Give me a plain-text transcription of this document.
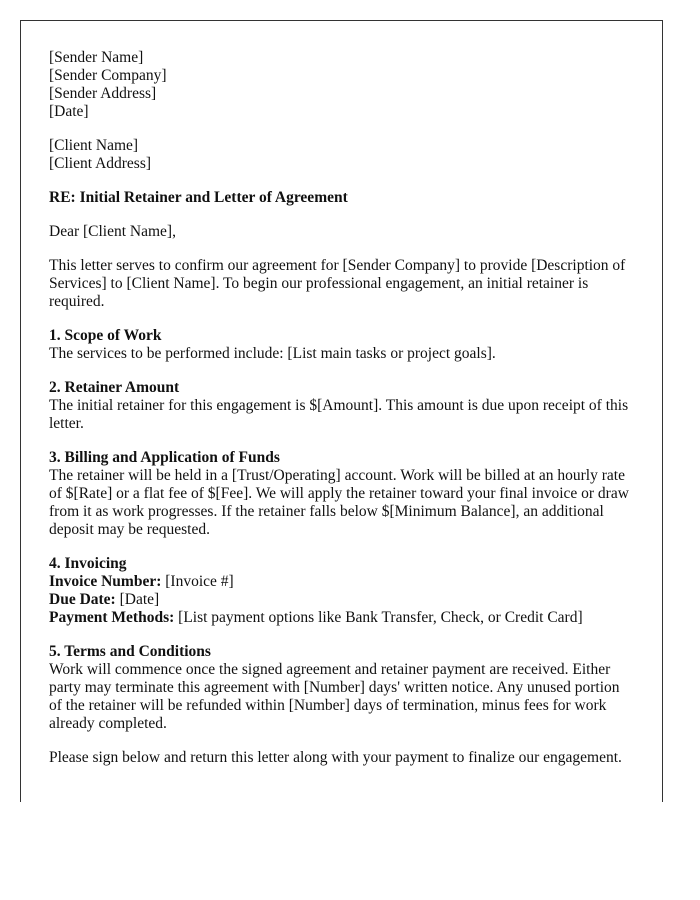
[Sender Name]
[Sender Company]
[Sender Address]
[Date]

[Client Name]
[Client Address]

RE: Initial Retainer and Letter of Agreement

Dear [Client Name],

This letter serves to confirm our agreement for [Sender Company] to provide [Description of Services] to [Client Name]. To begin our professional engagement, an initial retainer is required.

1. Scope of Work
The services to be performed include: [List main tasks or project goals].

2. Retainer Amount
The initial retainer for this engagement is $[Amount]. This amount is due upon receipt of this letter.

3. Billing and Application of Funds
The retainer will be held in a [Trust/Operating] account. Work will be billed at an hourly rate of $[Rate] or a flat fee of $[Fee]. We will apply the retainer toward your final invoice or draw from it as work progresses. If the retainer falls below $[Minimum Balance], an additional deposit may be requested.

4. Invoicing
Invoice Number: [Invoice #]
Due Date: [Date]
Payment Methods: [List payment options like Bank Transfer, Check, or Credit Card]

5. Terms and Conditions
Work will commence once the signed agreement and retainer payment are received. Either party may terminate this agreement with [Number] days' written notice. Any unused portion of the retainer will be refunded within [Number] days of termination, minus fees for work already completed.

Please sign below and return this letter along with your payment to finalize our engagement.
